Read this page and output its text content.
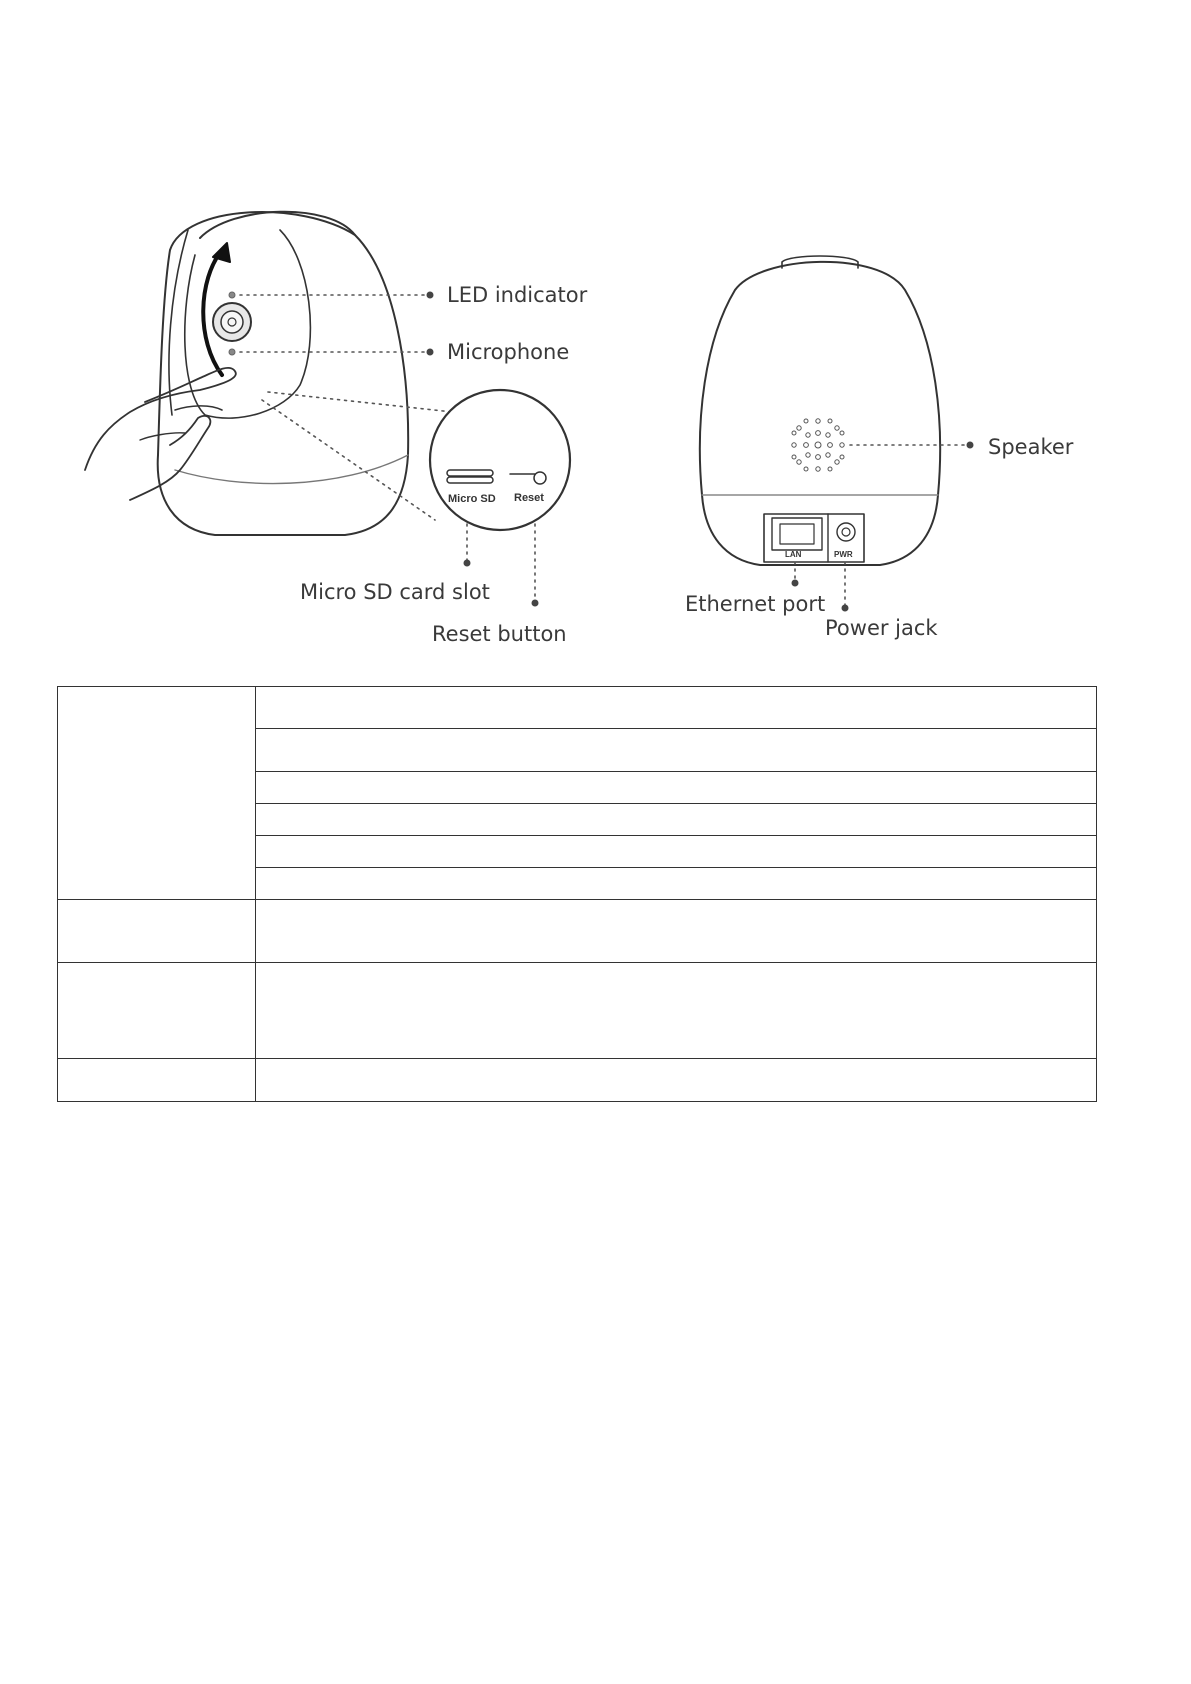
LED indicator
Microphone
Micro SD card slot
Reset button
Speaker
Ethernet port
Power jack
Micro SD Reset
LAN	PWR
